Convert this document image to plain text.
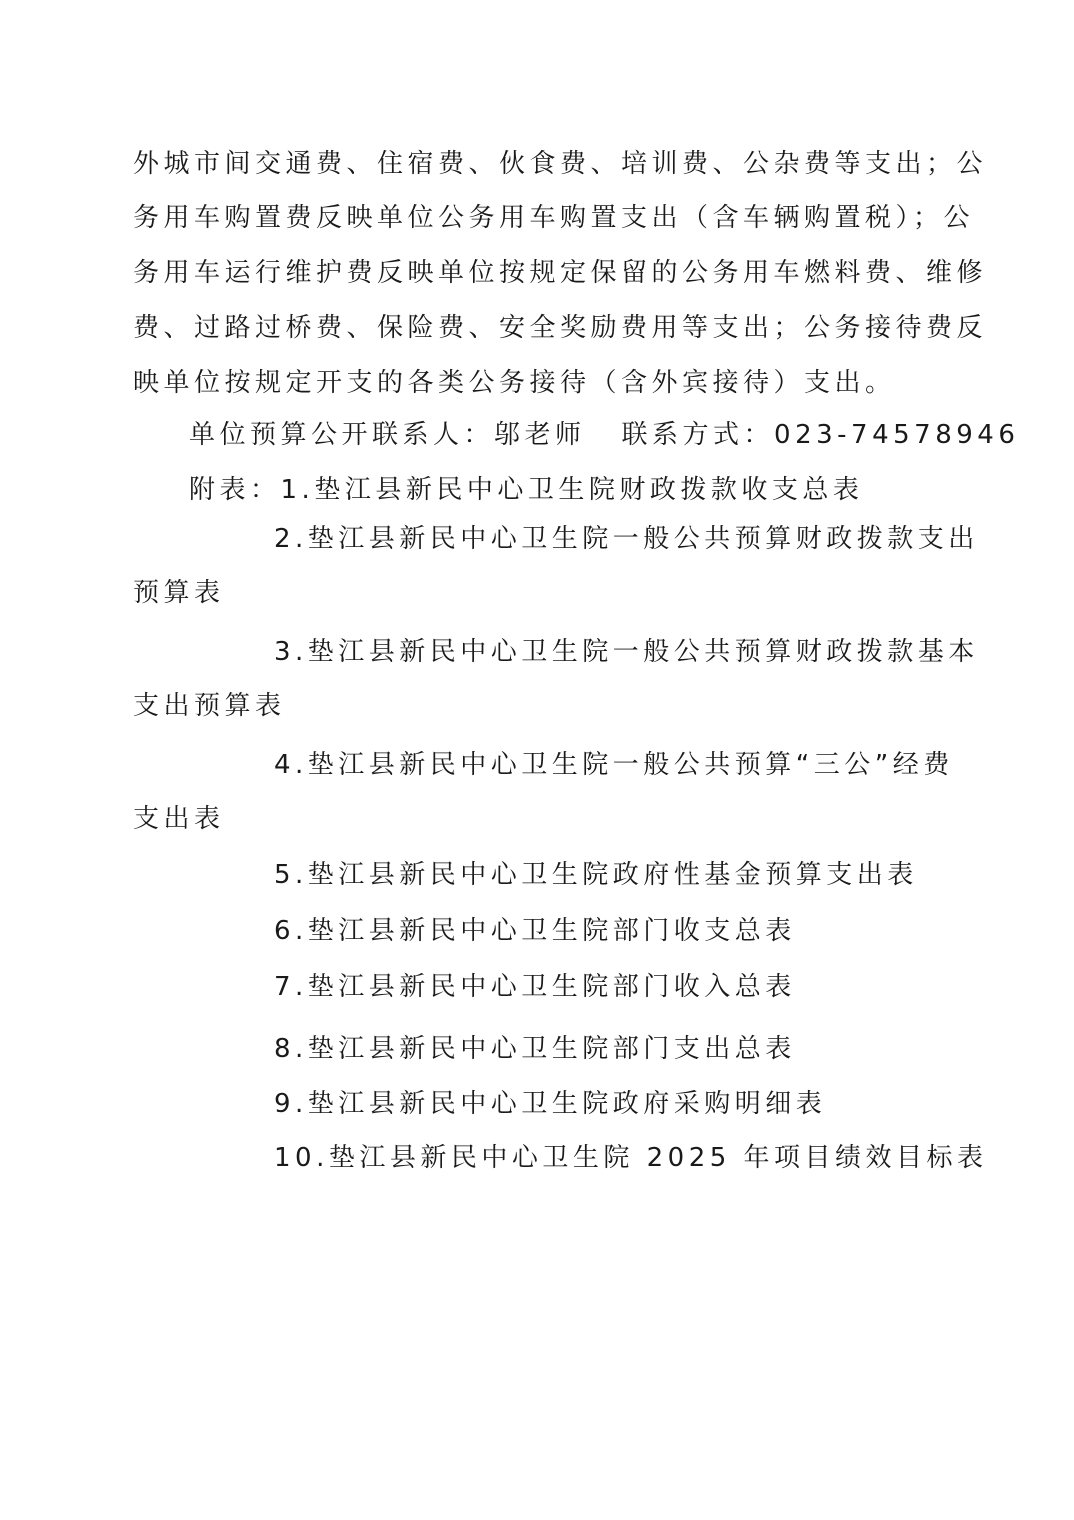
外城市间交通费、住宿费、伙食费、培训费、公杂费等支出；公
务用车购置费反映单位公务用车购置支出（含车辆购置税）；公
务用车运行维护费反映单位按规定保留的公务用车燃料费、维修
费、过路过桥费、保险费、安全奖励费用等支出；公务接待费反
映单位按规定开支的各类公务接待（含外宾接待）支出。
单位预算公开联系人：邬老师 联系方式：023-74578946
附表：1.垫江县新民中心卫生院财政拨款收支总表
2.垫江县新民中心卫生院一般公共预算财政拨款支出
预算表
3.垫江县新民中心卫生院一般公共预算财政拨款基本
支出预算表
4.垫江县新民中心卫生院一般公共预算“三公”经费
支出表
5.垫江县新民中心卫生院政府性基金预算支出表
6.垫江县新民中心卫生院部门收支总表
7.垫江县新民中心卫生院部门收入总表
8.垫江县新民中心卫生院部门支出总表
9.垫江县新民中心卫生院政府采购明细表
10.垫江县新民中心卫生院 2025 年项目绩效目标表
